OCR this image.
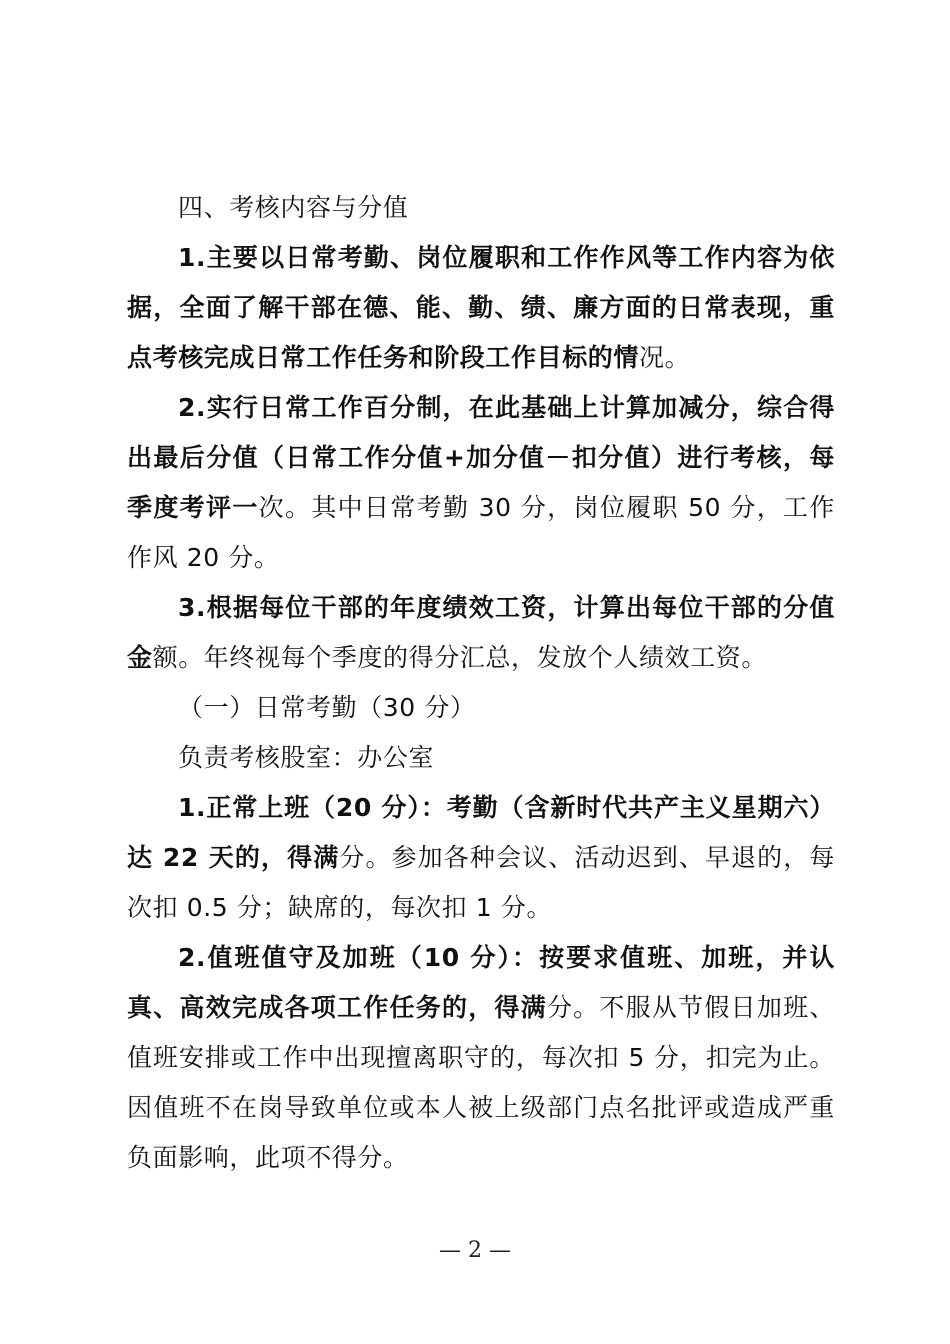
四、考核内容与分值

1.主要以日常考勤、岗位履职和工作作风等工作内容为依据，全面了解干部在德、能、勤、绩、廉方面的日常表现，重点考核完成日常工作任务和阶段工作目标的情况。

2.实行日常工作百分制，在此基础上计算加减分，综合得出最后分值（日常工作分值+加分值－扣分值）进行考核，每季度考评一次。其中日常考勤 30 分，岗位履职 50 分，工作作风 20 分。

3.根据每位干部的年度绩效工资，计算出每位干部的分值金额。年终视每个季度的得分汇总，发放个人绩效工资。

（一）日常考勤（30 分）

负责考核股室：办公室

1.正常上班（20 分）：考勤（含新时代共产主义星期六）达 22 天的，得满分。参加各种会议、活动迟到、早退的，每次扣 0.5 分；缺席的，每次扣 1 分。

2.值班值守及加班（10 分）：按要求值班、加班，并认真、高效完成各项工作任务的，得满分。不服从节假日加班、值班安排或工作中出现擅离职守的，每次扣 5 分，扣完为止。因值班不在岗导致单位或本人被上级部门点名批评或造成严重负面影响，此项不得分。

— 2 —
